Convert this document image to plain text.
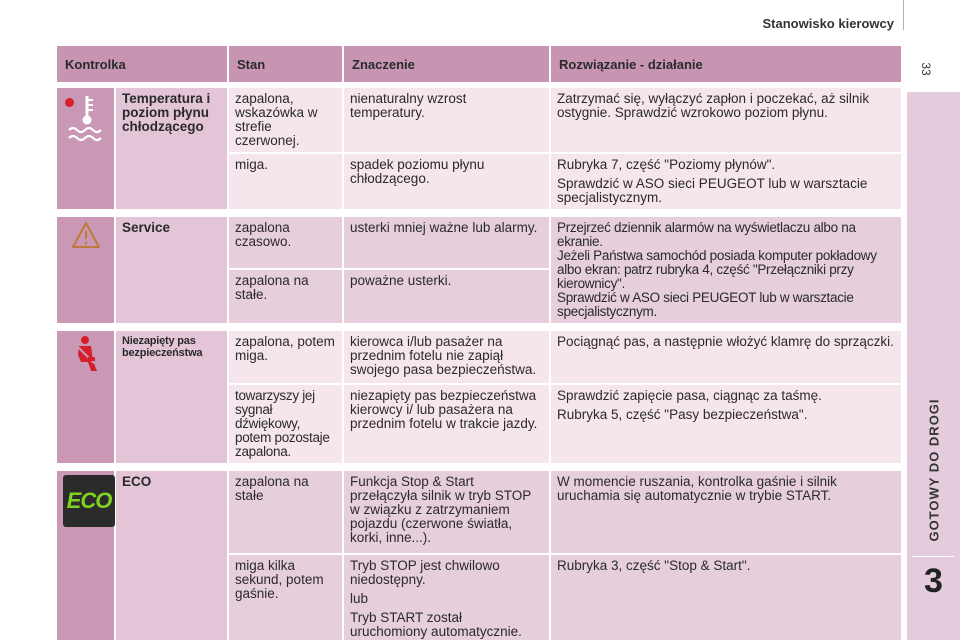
Stanowisko kierowcy
33
GOTOWY DO DROGI
3
Kontrolka		Stan	Znaczenie	Rozwiązanie - działanie

	Temperatura i poziom płynu chłodzącego	zapalona, wskazówka w strefie czerwonej.	nienaturalny wzrost temperatury.	Zatrzymać się, wyłączyć zapłon i poczekać, aż silnik ostygnie. Sprawdzić wzrokowo poziom płynu.

		miga.	spadek poziomu płynu chłodzącego.	Rubryka 7, część "Poziomy płynów".

Sprawdzić w ASO sieci PEUGEOT lub w warsztacie specjalistycznym.

	Service	zapalona czasowo.	usterki mniej ważne lub alarmy.	Przejrzeć dziennik alarmów na wyświetlaczu albo na ekranie.
Jeżeli Państwa samochód posiada komputer pokładowy albo ekran: patrz rubryka 4, część "Przełączniki przy kierownicy".
Sprawdzić w ASO sieci PEUGEOT lub w warsztacie specjalistycznym.

		zapalona na stałe.	poważne usterki.	

	Niezapięty pas bezpieczeństwa	zapalona, potem miga.	kierowca i/lub pasażer na przednim fotelu nie zapiął swojego pasa bezpieczeństwa.	Pociągnąć pas, a następnie włożyć klamrę do sprzączki.

		towarzyszy jej sygnał dźwiękowy, potem pozostaje zapalona.	niezapięty pas bezpieczeństwa kierowcy i/ lub pasażera na przednim fotelu w trakcie jazdy.	Sprawdzić zapięcie pasa, ciągnąc za taśmę.

Rubryka 5, część "Pasy bezpieczeństwa".

ECO	ECO	zapalona na stałe	Funkcja Stop & Start przełączyła silnik w tryb STOP w związku z zatrzymaniem pojazdu (czerwone światła, korki, inne...).	W momencie ruszania, kontrolka gaśnie i silnik uruchamia się automatycznie w trybie START.

		miga kilka sekund, potem gaśnie.	Tryb STOP jest chwilowo niedostępny.

lub

Tryb START został uruchomiony automatycznie.	Rubryka 3, część "Stop & Start".
